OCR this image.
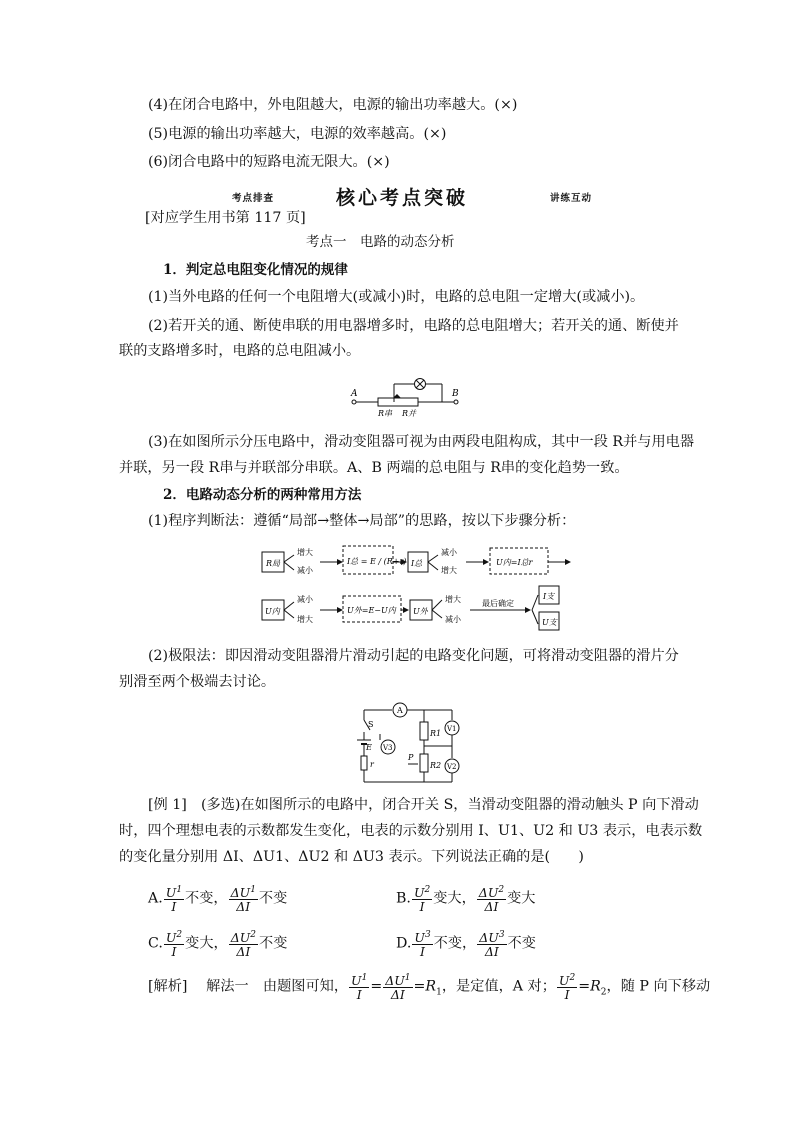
(4)在闭合电路中，外电阻越大，电源的输出功率越大。(×)
(5)电源的输出功率越大，电源的效率越高。(×)
(6)闭合电路中的短路电流无限大。(×)
考点排查	核心考点突破	讲练互动
[对应学生用书第 117 页]
考点一　电路的动态分析
1．判定总电阻变化情况的规律
(1)当外电路的任何一个电阻增大(或减小)时，电路的总电阻一定增大(或减小)。
(2)若开关的通、断使串联的用电器增多时，电路的总电阻增大；若开关的通、断使并
联的支路增多时，电路的总电阻减小。
A	B
R串 R并
(3)在如图所示分压电路中，滑动变阻器可视为由两段电阻构成，其中一段 R并与用电器
并联，另一段 R串与并联部分串联。A、B 两端的总电阻与 R串的变化趋势一致。
2．电路动态分析的两种常用方法
(1)程序判断法：遵循“局部→整体→局部”的思路，按以下步骤分析：
R局
增大
减小
I总 = E / (R+r) I总
减小
增大
U内=I总r
U内
减小
增大
U外=E−U内 U外
增大
减小
最后确定
I支
U支
(2)极限法：即因滑动变阻器滑片滑动引起的电路变化问题，可将滑动变阻器的滑片分
别滑至两个极端去讨论。
A
S
E
r
V3
R1
R2
P
V1
V2
[例 1]　(多选)在如图所示的电路中，闭合开关 S，当滑动变阻器的滑动触头 P 向下滑动
时，四个理想电表的示数都发生变化，电表的示数分别用 I、U1、U2 和 U3 表示，电表示数
的变化量分别用 ΔI、ΔU1、ΔU2 和 ΔU3 表示。下列说法正确的是(　　)
A. $\frac{U^1}{I}$ 不变， $\frac{\Delta U^1}{\Delta I}$ 不变	B. $\frac{U^2}{I}$ 变大， $\frac{\Delta U^2}{\Delta I}$ 变大
C. $\frac{U^2}{I}$ 变大， $\frac{\Delta U^2}{\Delta I}$ 不变	D. $\frac{U^3}{I}$ 不变， $\frac{\Delta U^3}{\Delta I}$ 不变
[解析]　 解法一　由题图可知， $\frac{U^1}{I} = \frac{\Delta U^1}{\Delta I} =R_1$，是定值，A 对； $\frac{U^2}{I} =R_2$，随 P 向下移动
